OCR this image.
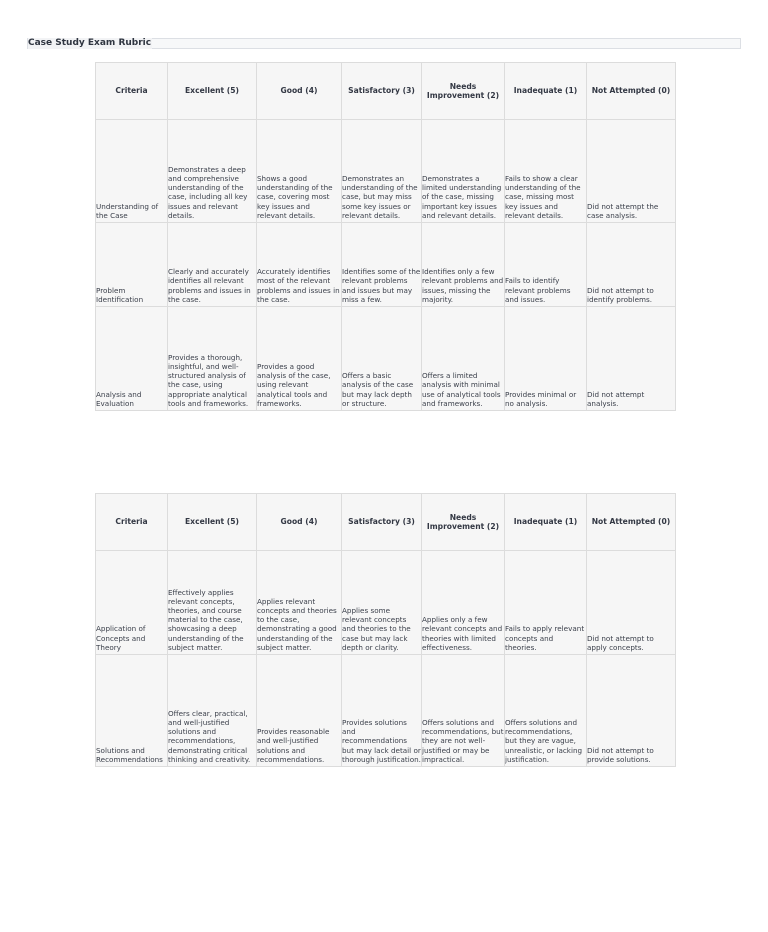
Case Study Exam Rubric
Criteria	Excellent (5)	Good (4)	Satisfactory (3)	Needs Improvement (2)	Inadequate (1)	Not Attempted (0)
Understanding of the Case	Demonstrates a deep and comprehensive understanding of the case, including all key issues and relevant details.	Shows a good understanding of the case, covering most key issues and relevant details.	Demonstrates an understanding of the case, but may miss some key issues or relevant details.	Demonstrates a limited understanding of the case, missing important key issues and relevant details.	Fails to show a clear understanding of the case, missing most key issues and relevant details.	Did not attempt the case analysis.
Problem Identification	Clearly and accurately identifies all relevant problems and issues in the case.	Accurately identifies most of the relevant problems and issues in the case.	Identifies some of the relevant problems and issues but may miss a few.	Identifies only a few relevant problems and issues, missing the majority.	Fails to identify relevant problems and issues.	Did not attempt to identify problems.
Analysis and Evaluation	Provides a thorough, insightful, and well-structured analysis of the case, using appropriate analytical tools and frameworks.	Provides a good analysis of the case, using relevant analytical tools and frameworks.	Offers a basic analysis of the case but may lack depth or structure.	Offers a limited analysis with minimal use of analytical tools and frameworks.	Provides minimal or no analysis.	Did not attempt analysis.
Criteria	Excellent (5)	Good (4)	Satisfactory (3)	Needs Improvement (2)	Inadequate (1)	Not Attempted (0)
Application of Concepts and Theory	Effectively applies relevant concepts, theories, and course material to the case, showcasing a deep understanding of the subject matter.	Applies relevant concepts and theories to the case, demonstrating a good understanding of the subject matter.	Applies some relevant concepts and theories to the case but may lack depth or clarity.	Applies only a few relevant concepts and theories with limited effectiveness.	Fails to apply relevant concepts and theories.	Did not attempt to apply concepts.
Solutions and Recommendations	Offers clear, practical, and well-justified solutions and recommendations, demonstrating critical thinking and creativity.	Provides reasonable and well-justified solutions and recommendations.	Provides solutions and recommendations but may lack detail or thorough justification.	Offers solutions and recommendations, but they are not well-justified or may be impractical.	Offers solutions and recommendations, but they are vague, unrealistic, or lacking justification.	Did not attempt to provide solutions.
